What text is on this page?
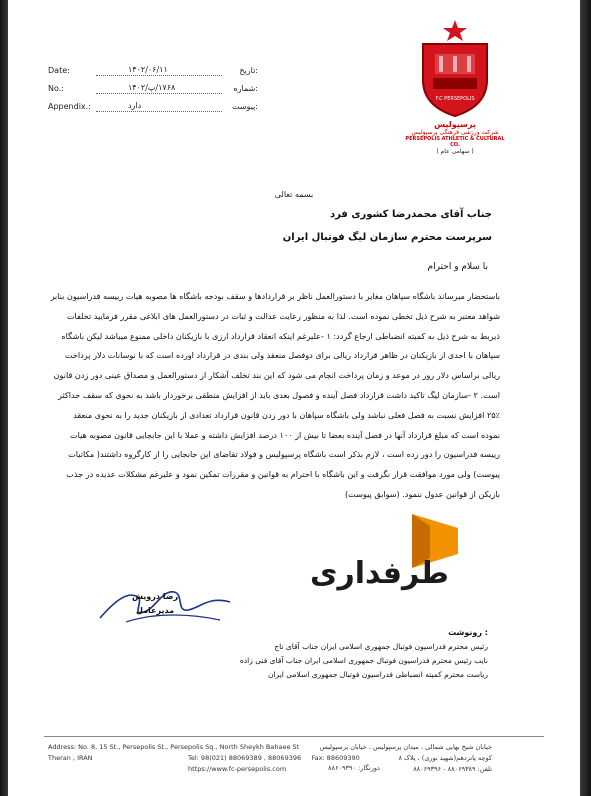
Date:	۱۴۰۲/۰۶/۱۱	:تاریخ
No.:	۱۷۶۸/پ/۱۴۰۲	:شماره
Appendix.:	دارد	:پیوست
F.C PERSEPOLIS
پرسپولیس
شرکت ورزشی فرهنگی پرسپولیس
PERSEPOLIS ATHLETIC & CULTURAL CO.
( سهامی عام )
بسمه تعالی
جناب آقای محمدرضا کشوری فرد
سرپرست محترم سازمان لیگ فوتبال ایران
با سلام و احترام

باستحضار میرساند باشگاه سپاهان مغایر با دستورالعمل ناظر بر قراردادها و سقف بودجه باشگاه ها مصوبه هیات رییسه فدراسیون بنابر

شواهد معتبر به شرح ذیل تخطی نموده است. لذا به منظور رعایت عدالت و ثبات در دستورالعمل های ابلاغی مقرر فرمایید تخلفات

ذیربط به شرح ذیل به کمیته انضباطی ارجاع گردد: ۱ -علیرغم اینکه انعقاد قرارداد ارزی با بازیکنان داخلی ممنوع میباشد لیکن باشگاه

سپاهان با احدی از بازیکنان در ظاهر قرارداد ریالی برای دوفصل منعقد ولی بندی در قرارداد اورده است که با نوسانات دلار پرداخت

ریالی براساس دلار روز در موعد و زمان پرداخت انجام می شود که این بند تخلف آشکار از دستورالعمل و مصداق عینی دور زدن قانون

است. ۲ -سازمان لیگ تاکید داشت قرارداد فصل آینده و فصول بعدی باید از افزایش منطقی برخوردار باشد به نحوی که سقف حداکثر

۲۵٪ افزایش نسبت به فصل فعلی نباشد ولی باشگاه سپاهان با دور زدن قانون قرارداد تعدادی از بازیکنان جدید را به نحوی منعقد

نموده است که مبلغ قرارداد آنها در فصل آینده بعضا تا بیش از ۱۰۰ درصد افزایش داشته و عملا با این جابجایی قانون مصوبه هیات

رییسه فدراسیون را دور زده است ، لازم بذکر است باشگاه پرسپولیس و فولاد تقاضای این جابجایی را از کارگروه داشتند( مکاتبات

پیوست) ولی مورد موافقت قرار نگرفت و این باشگاه با احترام به قوانین و مقررات تمکین نمود و علیرغم مشکلات عدیده در جذب

بازیکن از قوانین عدول ننمود. (سوابق پیوست)

طرفداری
رضا درویش
مدیرعامل
: رونوشت
رئیس محترم فدراسیون فوتبال جمهوری اسلامی ایران جناب آقای تاج
نایب رئیس محترم فدراسیون فوتبال جمهوری اسلامی ایران جناب آقای فنی زاده
ریاست محترم کمیته انضباطی فدراسیون فوتبال جمهوری اسلامی ایران
Address: No. 8, 15 St., Persepolis St., Persepolis Sq., North Sheykh Bahaee St
Theran , IRAN	Tel: 98(021) 88069389 , 88069396 Fax: 88609390
https://www.fc-persepolis.com
خیابان شیخ بهایی شمالی ، میدان پرسپولیس ، خیابان پرسپولیس
کوچه پانزدهم(شهید نوری) ، پلاک ۸
تلفن: ۸۸۰۶۹۳۸۹ - ۸۸۰۶۹۳۹۶
دورنگار: ۸۸۶۰۹۳۹۰
